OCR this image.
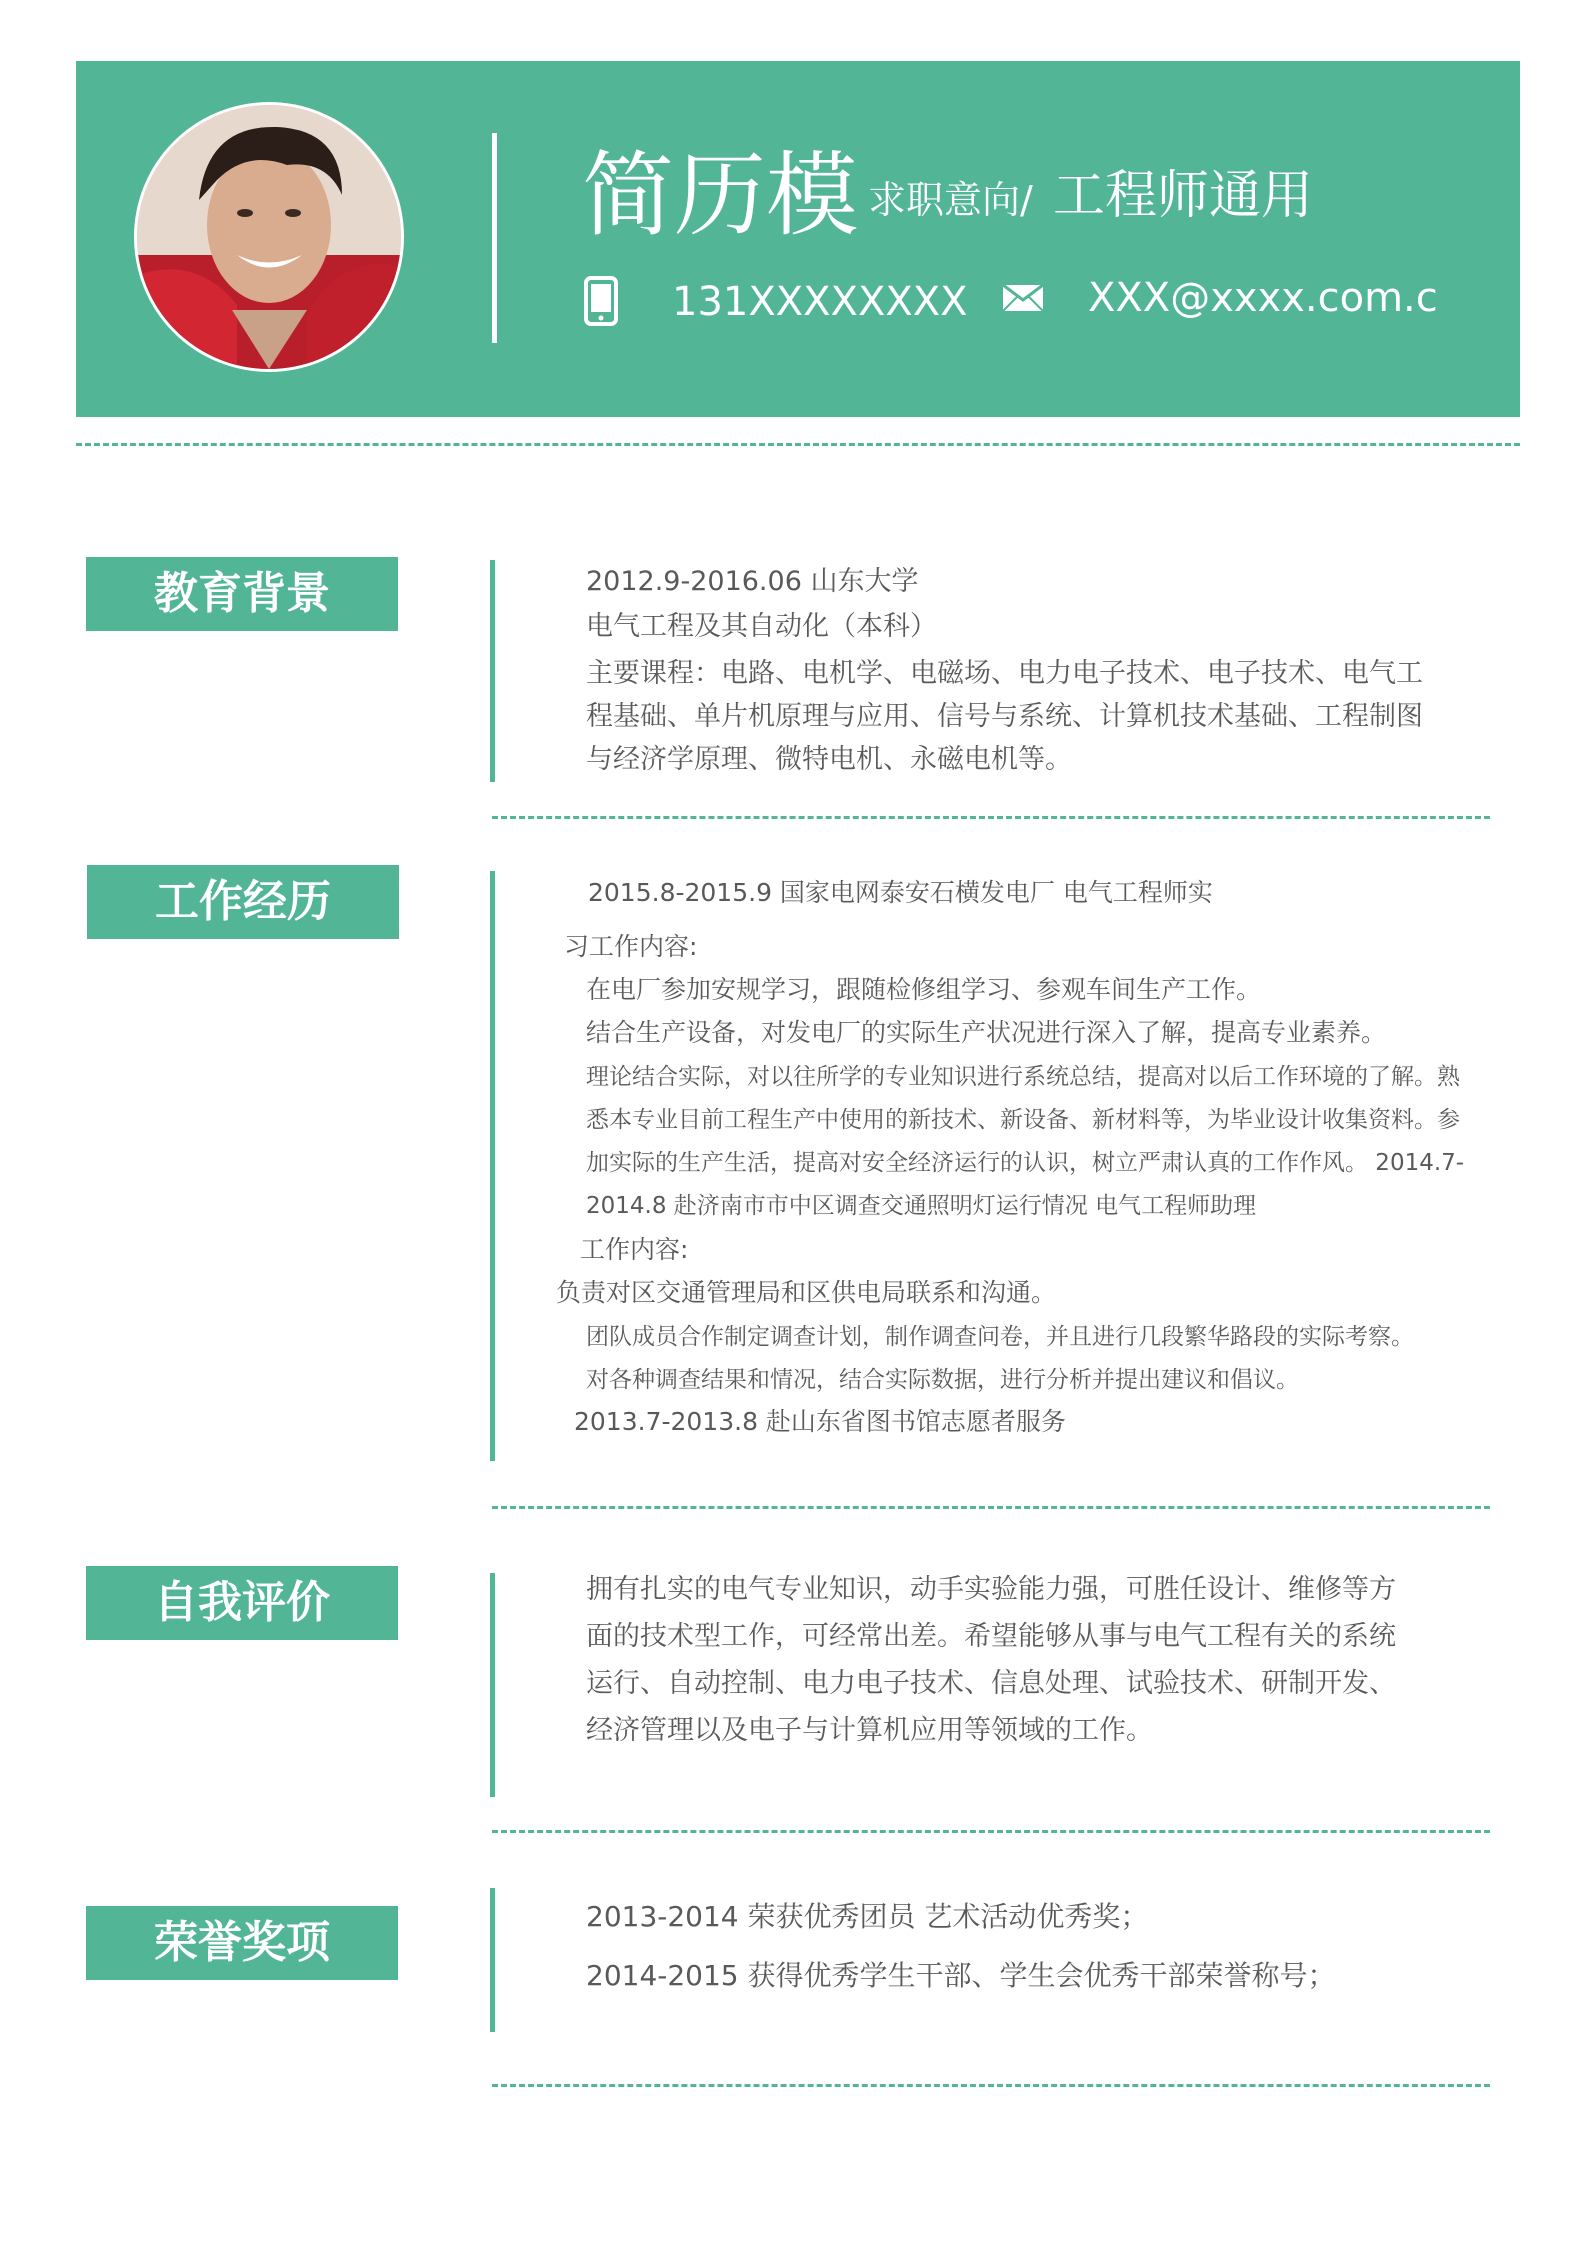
简历模 求职意向/ 工程师通用
131XXXXXXXX	XXX@xxxx.com.c
教育背景	2012.9-2016.06 山东大学
电气工程及其自动化（本科）
主要课程：电路、电机学、电磁场、电力电子技术、电子技术、电气工
程基础、单片机原理与应用、信号与系统、计算机技术基础、工程制图
与经济学原理、微特电机、永磁电机等。
工作经历	2015.8-2015.9 国家电网泰安石横发电厂 电气工程师实
习工作内容:
在电厂参加安规学习，跟随检修组学习、参观车间生产工作。
结合生产设备，对发电厂的实际生产状况进行深入了解，提高专业素养。
理论结合实际，对以往所学的专业知识进行系统总结，提高对以后工作环境的了解。熟
悉本专业目前工程生产中使用的新技术、新设备、新材料等，为毕业设计收集资料。参
加实际的生产生活，提高对安全经济运行的认识，树立严肃认真的工作作风。 2014.7-
2014.8 赴济南市市中区调查交通照明灯运行情况 电气工程师助理
工作内容:
负责对区交通管理局和区供电局联系和沟通。
团队成员合作制定调查计划，制作调查问卷，并且进行几段繁华路段的实际考察。
对各种调查结果和情况，结合实际数据，进行分析并提出建议和倡议。
2013.7-2013.8 赴山东省图书馆志愿者服务
自我评价	拥有扎实的电气专业知识，动手实验能力强，可胜任设计、维修等方
面的技术型工作，可经常出差。希望能够从事与电气工程有关的系统
运行、自动控制、电力电子技术、信息处理、试验技术、研制开发、
经济管理以及电子与计算机应用等领域的工作。
荣誉奖项
2013-2014 荣获优秀团员 艺术活动优秀奖；
2014-2015 获得优秀学生干部、学生会优秀干部荣誉称号；
